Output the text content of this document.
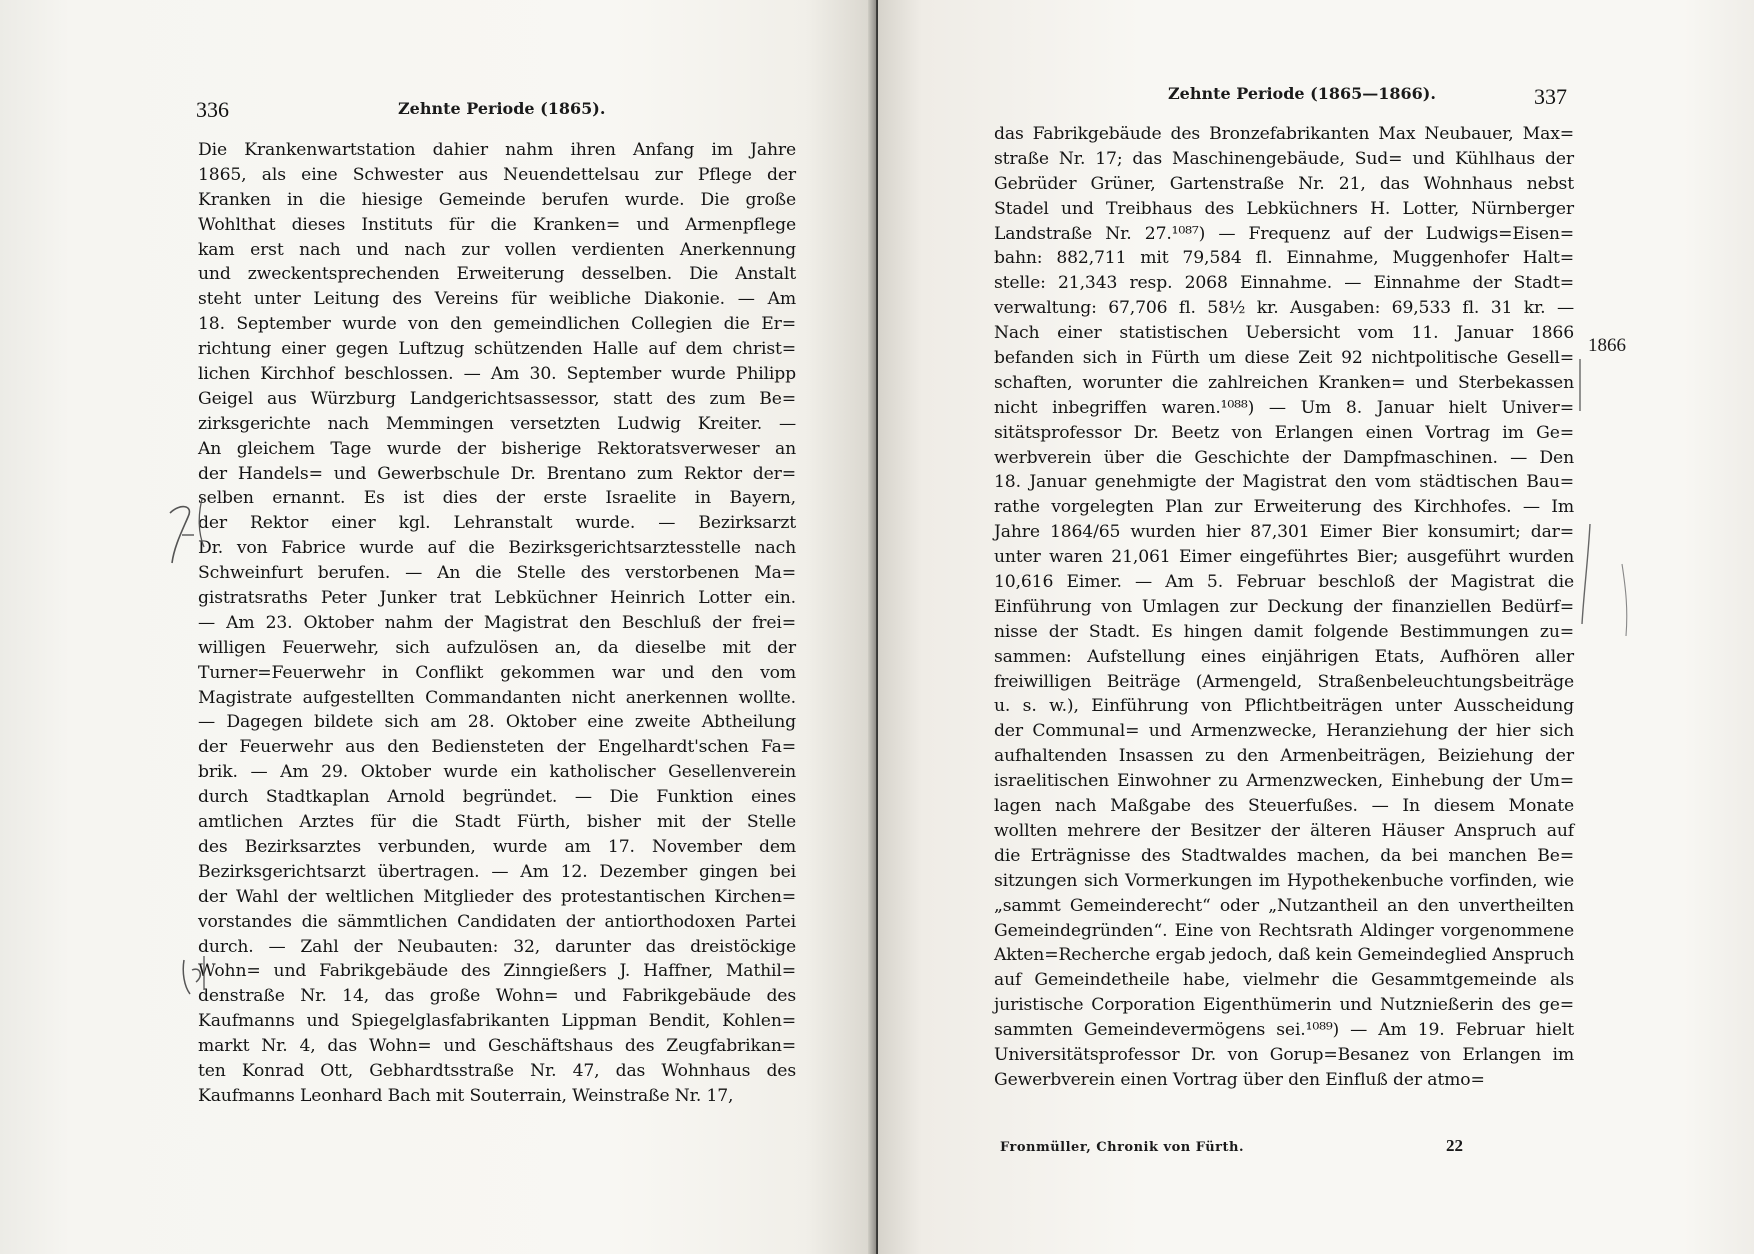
336	Zehnte Periode (1865).
Die Krankenwartstation dahier nahm ihren Anfang im Jahre
1865, als eine Schwester aus Neuendettelsau zur Pflege der
Kranken in die hiesige Gemeinde berufen wurde. Die große
Wohlthat dieses Instituts für die Kranken= und Armenpflege
kam erst nach und nach zur vollen verdienten Anerkennung
und zweckentsprechenden Erweiterung desselben. Die Anstalt
steht unter Leitung des Vereins für weibliche Diakonie. — Am
18. September wurde von den gemeindlichen Collegien die Er=
richtung einer gegen Luftzug schützenden Halle auf dem christ=
lichen Kirchhof beschlossen. — Am 30. September wurde Philipp
Geigel aus Würzburg Landgerichtsassessor, statt des zum Be=
zirksgerichte nach Memmingen versetzten Ludwig Kreiter. —
An gleichem Tage wurde der bisherige Rektoratsverweser an
der Handels= und Gewerbschule Dr. Brentano zum Rektor der=
selben ernannt. Es ist dies der erste Israelite in Bayern,
der Rektor einer kgl. Lehranstalt wurde. — Bezirksarzt
Dr. von Fabrice wurde auf die Bezirksgerichtsarztesstelle nach
Schweinfurt berufen. — An die Stelle des verstorbenen Ma=
gistratsraths Peter Junker trat Lebküchner Heinrich Lotter ein.
— Am 23. Oktober nahm der Magistrat den Beschluß der frei=
willigen Feuerwehr, sich aufzulösen an, da dieselbe mit der
Turner=Feuerwehr in Conflikt gekommen war und den vom
Magistrate aufgestellten Commandanten nicht anerkennen wollte.
— Dagegen bildete sich am 28. Oktober eine zweite Abtheilung
der Feuerwehr aus den Bediensteten der Engelhardt'schen Fa=
brik. — Am 29. Oktober wurde ein katholischer Gesellenverein
durch Stadtkaplan Arnold begründet. — Die Funktion eines
amtlichen Arztes für die Stadt Fürth, bisher mit der Stelle
des Bezirksarztes verbunden, wurde am 17. November dem
Bezirksgerichtsarzt übertragen. — Am 12. Dezember gingen bei
der Wahl der weltlichen Mitglieder des protestantischen Kirchen=
vorstandes die sämmtlichen Candidaten der antiorthodoxen Partei
durch. — Zahl der Neubauten: 32, darunter das dreistöckige
Wohn= und Fabrikgebäude des Zinngießers J. Haffner, Mathil=
denstraße Nr. 14, das große Wohn= und Fabrikgebäude des
Kaufmanns und Spiegelglasfabrikanten Lippman Bendit, Kohlen=
markt Nr. 4, das Wohn= und Geschäftshaus des Zeugfabrikan=
ten Konrad Ott, Gebhardtsstraße Nr. 47, das Wohnhaus des
Kaufmanns Leonhard Bach mit Souterrain, Weinstraße Nr. 17,
Zehnte Periode (1865—1866).	337
das Fabrikgebäude des Bronzefabrikanten Max Neubauer, Max=
straße Nr. 17; das Maschinengebäude, Sud= und Kühlhaus der
Gebrüder Grüner, Gartenstraße Nr. 21, das Wohnhaus nebst
Stadel und Treibhaus des Lebküchners H. Lotter, Nürnberger
Landstraße Nr. 27.¹⁰⁸⁷) — Frequenz auf der Ludwigs=Eisen=
bahn: 882,711 mit 79,584 fl. Einnahme, Muggenhofer Halt=
stelle: 21,343 resp. 2068 Einnahme. — Einnahme der Stadt=
verwaltung: 67,706 fl. 58½ kr. Ausgaben: 69,533 fl. 31 kr. —
Nach einer statistischen Uebersicht vom 11. Januar 1866
befanden sich in Fürth um diese Zeit 92 nichtpolitische Gesell=
schaften, worunter die zahlreichen Kranken= und Sterbekassen
nicht inbegriffen waren.¹⁰⁸⁸) — Um 8. Januar hielt Univer=
sitätsprofessor Dr. Beetz von Erlangen einen Vortrag im Ge=
werbverein über die Geschichte der Dampfmaschinen. — Den
18. Januar genehmigte der Magistrat den vom städtischen Bau=
rathe vorgelegten Plan zur Erweiterung des Kirchhofes. — Im
Jahre 1864/65 wurden hier 87,301 Eimer Bier konsumirt; dar=
unter waren 21,061 Eimer eingeführtes Bier; ausgeführt wurden
10,616 Eimer. — Am 5. Februar beschloß der Magistrat die
Einführung von Umlagen zur Deckung der finanziellen Bedürf=
nisse der Stadt. Es hingen damit folgende Bestimmungen zu=
sammen: Aufstellung eines einjährigen Etats, Aufhören aller
freiwilligen Beiträge (Armengeld, Straßenbeleuchtungsbeiträge
u. s. w.), Einführung von Pflichtbeiträgen unter Ausscheidung
der Communal= und Armenzwecke, Heranziehung der hier sich
aufhaltenden Insassen zu den Armenbeiträgen, Beiziehung der
israelitischen Einwohner zu Armenzwecken, Einhebung der Um=
lagen nach Maßgabe des Steuerfußes. — In diesem Monate
wollten mehrere der Besitzer der älteren Häuser Anspruch auf
die Erträgnisse des Stadtwaldes machen, da bei manchen Be=
sitzungen sich Vormerkungen im Hypothekenbuche vorfinden, wie
„sammt Gemeinderecht“ oder „Nutzantheil an den unvertheilten
Gemeindegründen“. Eine von Rechtsrath Aldinger vorgenommene
Akten=Recherche ergab jedoch, daß kein Gemeindeglied Anspruch
auf Gemeindetheile habe, vielmehr die Gesammtgemeinde als
juristische Corporation Eigenthümerin und Nutznießerin des ge=
sammten Gemeindevermögens sei.¹⁰⁸⁹) — Am 19. Februar hielt
Universitätsprofessor Dr. von Gorup=Besanez von Erlangen im
Gewerbverein einen Vortrag über den Einfluß der atmo=
1866
Fronmüller, Chronik von Fürth.	22
